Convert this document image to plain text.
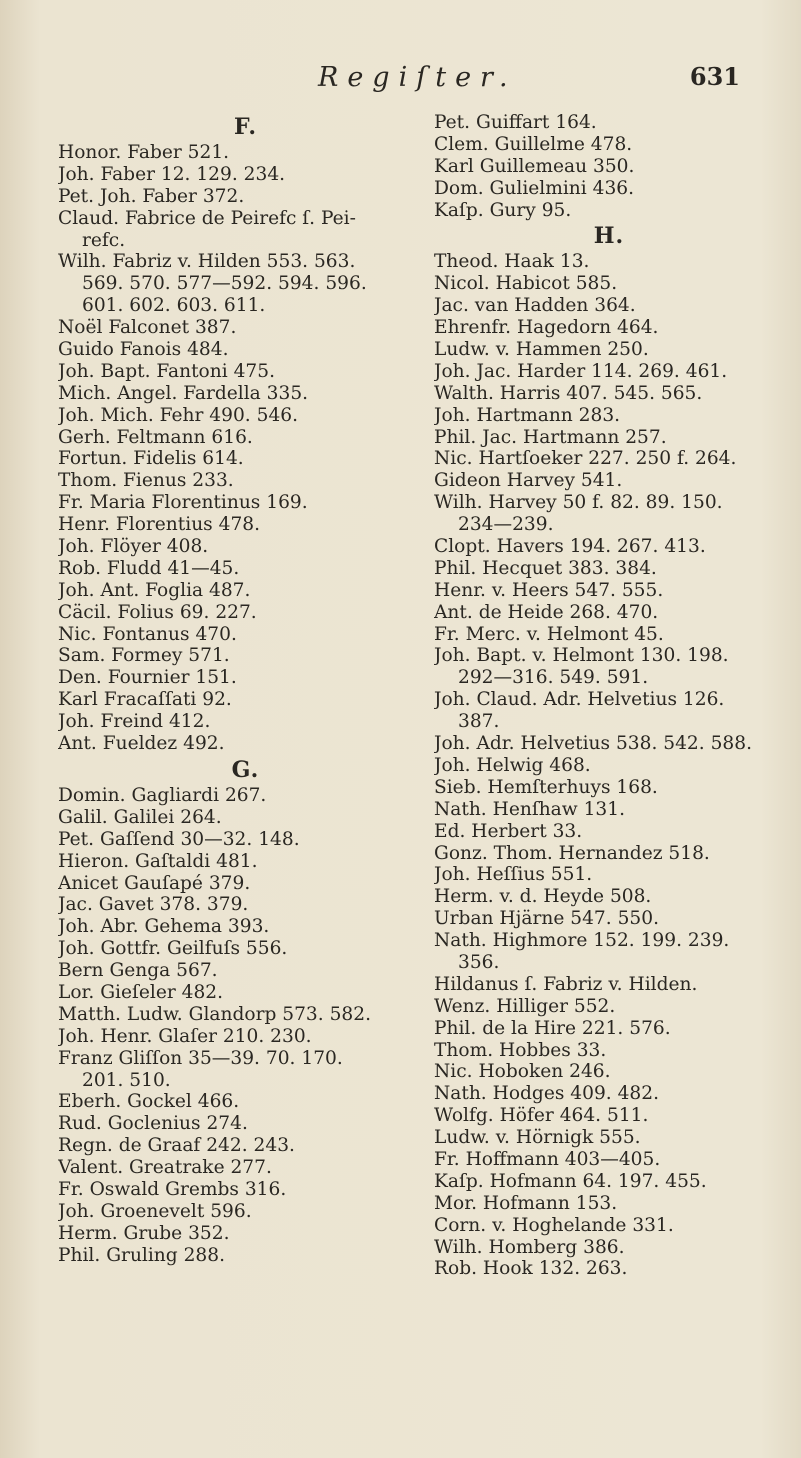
Regiſter.	631
F.
Honor. Faber 521.
Joh. Faber 12. 129. 234.
Pet. Joh. Faber 372.
Claud. Fabrice de Peirefc ſ. Pei-
refc.
Wilh. Fabriz v. Hilden 553. 563.
569. 570. 577—592. 594. 596.
601. 602. 603. 611.
Noël Falconet 387.
Guido Fanois 484.
Joh. Bapt. Fantoni 475.
Mich. Angel. Fardella 335.
Joh. Mich. Fehr 490. 546.
Gerh. Feltmann 616.
Fortun. Fidelis 614.
Thom. Fienus 233.
Fr. Maria Florentinus 169.
Henr. Florentius 478.
Joh. Flöyer 408.
Rob. Fludd 41—45.
Joh. Ant. Foglia 487.
Cäcil. Folius 69. 227.
Nic. Fontanus 470.
Sam. Formey 571.
Den. Fournier 151.
Karl Fracaſſati 92.
Joh. Freind 412.
Ant. Fueldez 492.
G.
Domin. Gagliardi 267.
Galil. Galilei 264.
Pet. Gaſſend 30—32. 148.
Hieron. Gaſtaldi 481.
Anicet Gauſapé 379.
Jac. Gavet 378. 379.
Joh. Abr. Gehema 393.
Joh. Gottfr. Geilfuſs 556.
Bern Genga 567.
Lor. Gieſeler 482.
Matth. Ludw. Glandorp 573. 582.
Joh. Henr. Glaſer 210. 230.
Franz Gliſſon 35—39. 70. 170.
201. 510.
Eberh. Gockel 466.
Rud. Goclenius 274.
Regn. de Graaf 242. 243.
Valent. Greatrake 277.
Fr. Oswald Grembs 316.
Joh. Groenevelt 596.
Herm. Grube 352.
Phil. Gruling 288.
Pet. Guiffart 164.
Clem. Guillelme 478.
Karl Guillemeau 350.
Dom. Gulielmini 436.
Kaſp. Gury 95.
H.
Theod. Haak 13.
Nicol. Habicot 585.
Jac. van Hadden 364.
Ehrenfr. Hagedorn 464.
Ludw. v. Hammen 250.
Joh. Jac. Harder 114. 269. 461.
Walth. Harris 407. 545. 565.
Joh. Hartmann 283.
Phil. Jac. Hartmann 257.
Nic. Hartſoeker 227. 250 f. 264.
Gideon Harvey 541.
Wilh. Harvey 50 f. 82. 89. 150.
234—239.
Clopt. Havers 194. 267. 413.
Phil. Hecquet 383. 384.
Henr. v. Heers 547. 555.
Ant. de Heide 268. 470.
Fr. Merc. v. Helmont 45.
Joh. Bapt. v. Helmont 130. 198.
292—316. 549. 591.
Joh. Claud. Adr. Helvetius 126.
387.
Joh. Adr. Helvetius 538. 542. 588.
Joh. Helwig 468.
Sieb. Hemſterhuys 168.
Nath. Henſhaw 131.
Ed. Herbert 33.
Gonz. Thom. Hernandez 518.
Joh. Heſſius 551.
Herm. v. d. Heyde 508.
Urban Hjärne 547. 550.
Nath. Highmore 152. 199. 239.
356.
Hildanus ſ. Fabriz v. Hilden.
Wenz. Hilliger 552.
Phil. de la Hire 221. 576.
Thom. Hobbes 33.
Nic. Hoboken 246.
Nath. Hodges 409. 482.
Wolfg. Höfer 464. 511.
Ludw. v. Hörnigk 555.
Fr. Hoffmann 403—405.
Kaſp. Hofmann 64. 197. 455.
Mor. Hofmann 153.
Corn. v. Hoghelande 331.
Wilh. Homberg 386.
Rob. Hook 132. 263.
